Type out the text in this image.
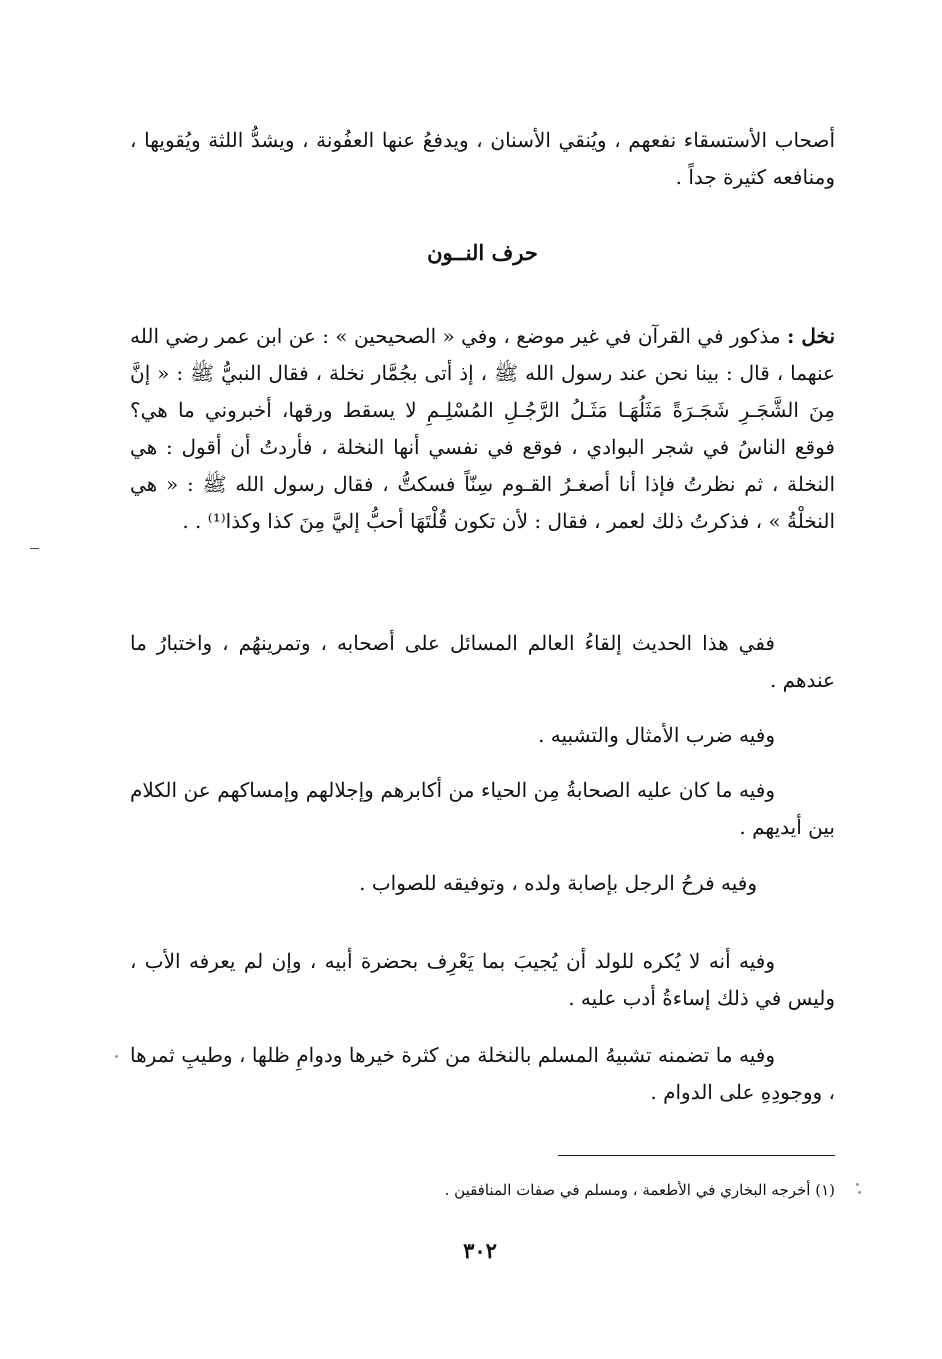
أصحاب الأستسقاء نفعهم ، ويُنقي الأسنان ، ويدفعُ عنها العفُونة ، ويشدُّ اللثة ويُقويها ، ومنافعه كثيرة جداً .

حرف النــون

نخل : مذكور في القرآن في غير موضع ، وفي « الصحيحين » : عن ابن عمر رضي الله عنهما ، قال : بينا نحن عند رسول الله ﷺ ، إذ أتى بجُمَّار نخلة ، فقال النبيُّ ﷺ : « إنَّ مِنَ الشَّجَـرِ شَجَـرَةً مَثَلُهَـا مَثَـلُ الرَّجُـلِ المُسْلِـمِ لا يسقط ورقها، أخبروني ما هي؟ فوقع الناسُ في شجر البوادي ، فوقع في نفسي أنها النخلة ، فأردتُ أن أقول : هي النخلة ، ثم نظرتُ فإذا أنا أصغـرُ القـوم سِنّاً فسكتُّ ، فقال رسول الله ﷺ : « هي النخلْةُ » ، فذكرتُ ذلك لعمر ، فقال : لأن تكون قُلْتَهَا أحبُّ إليَّ مِنَ كذا وكذا⁽¹⁾ . .

ففي هذا الحديث إلقاءُ العالم المسائل على أصحابه ، وتمرينهُم ، واختبارُ ما عندهم .

وفيه ضرب الأمثال والتشبيه .

وفيه ما كان عليه الصحابةُ مِن الحياء من أكابرهم وإجلالهم وإمساكهم عن الكلام بين أيديهم .

وفيه فرحُ الرجل بإصابة ولده ، وتوفيقه للصواب .

وفيه أنه لا يُكره للولد أن يُجيبَ بما يَعْرِف بحضرة أبيه ، وإن لم يعرفه الأب ، وليس في ذلك إساءةُ أدب عليه .

وفيه ما تضمنه تشبيهُ المسلم بالنخلة من كثرة خيرها ودوامِ ظلها ، وطيبِ ثمرها ، ووجودِهِ على الدوام .

(١) أخرجه البخاري في الأطعمة ، ومسلم في صفات المنافقين .

٣٠٢
